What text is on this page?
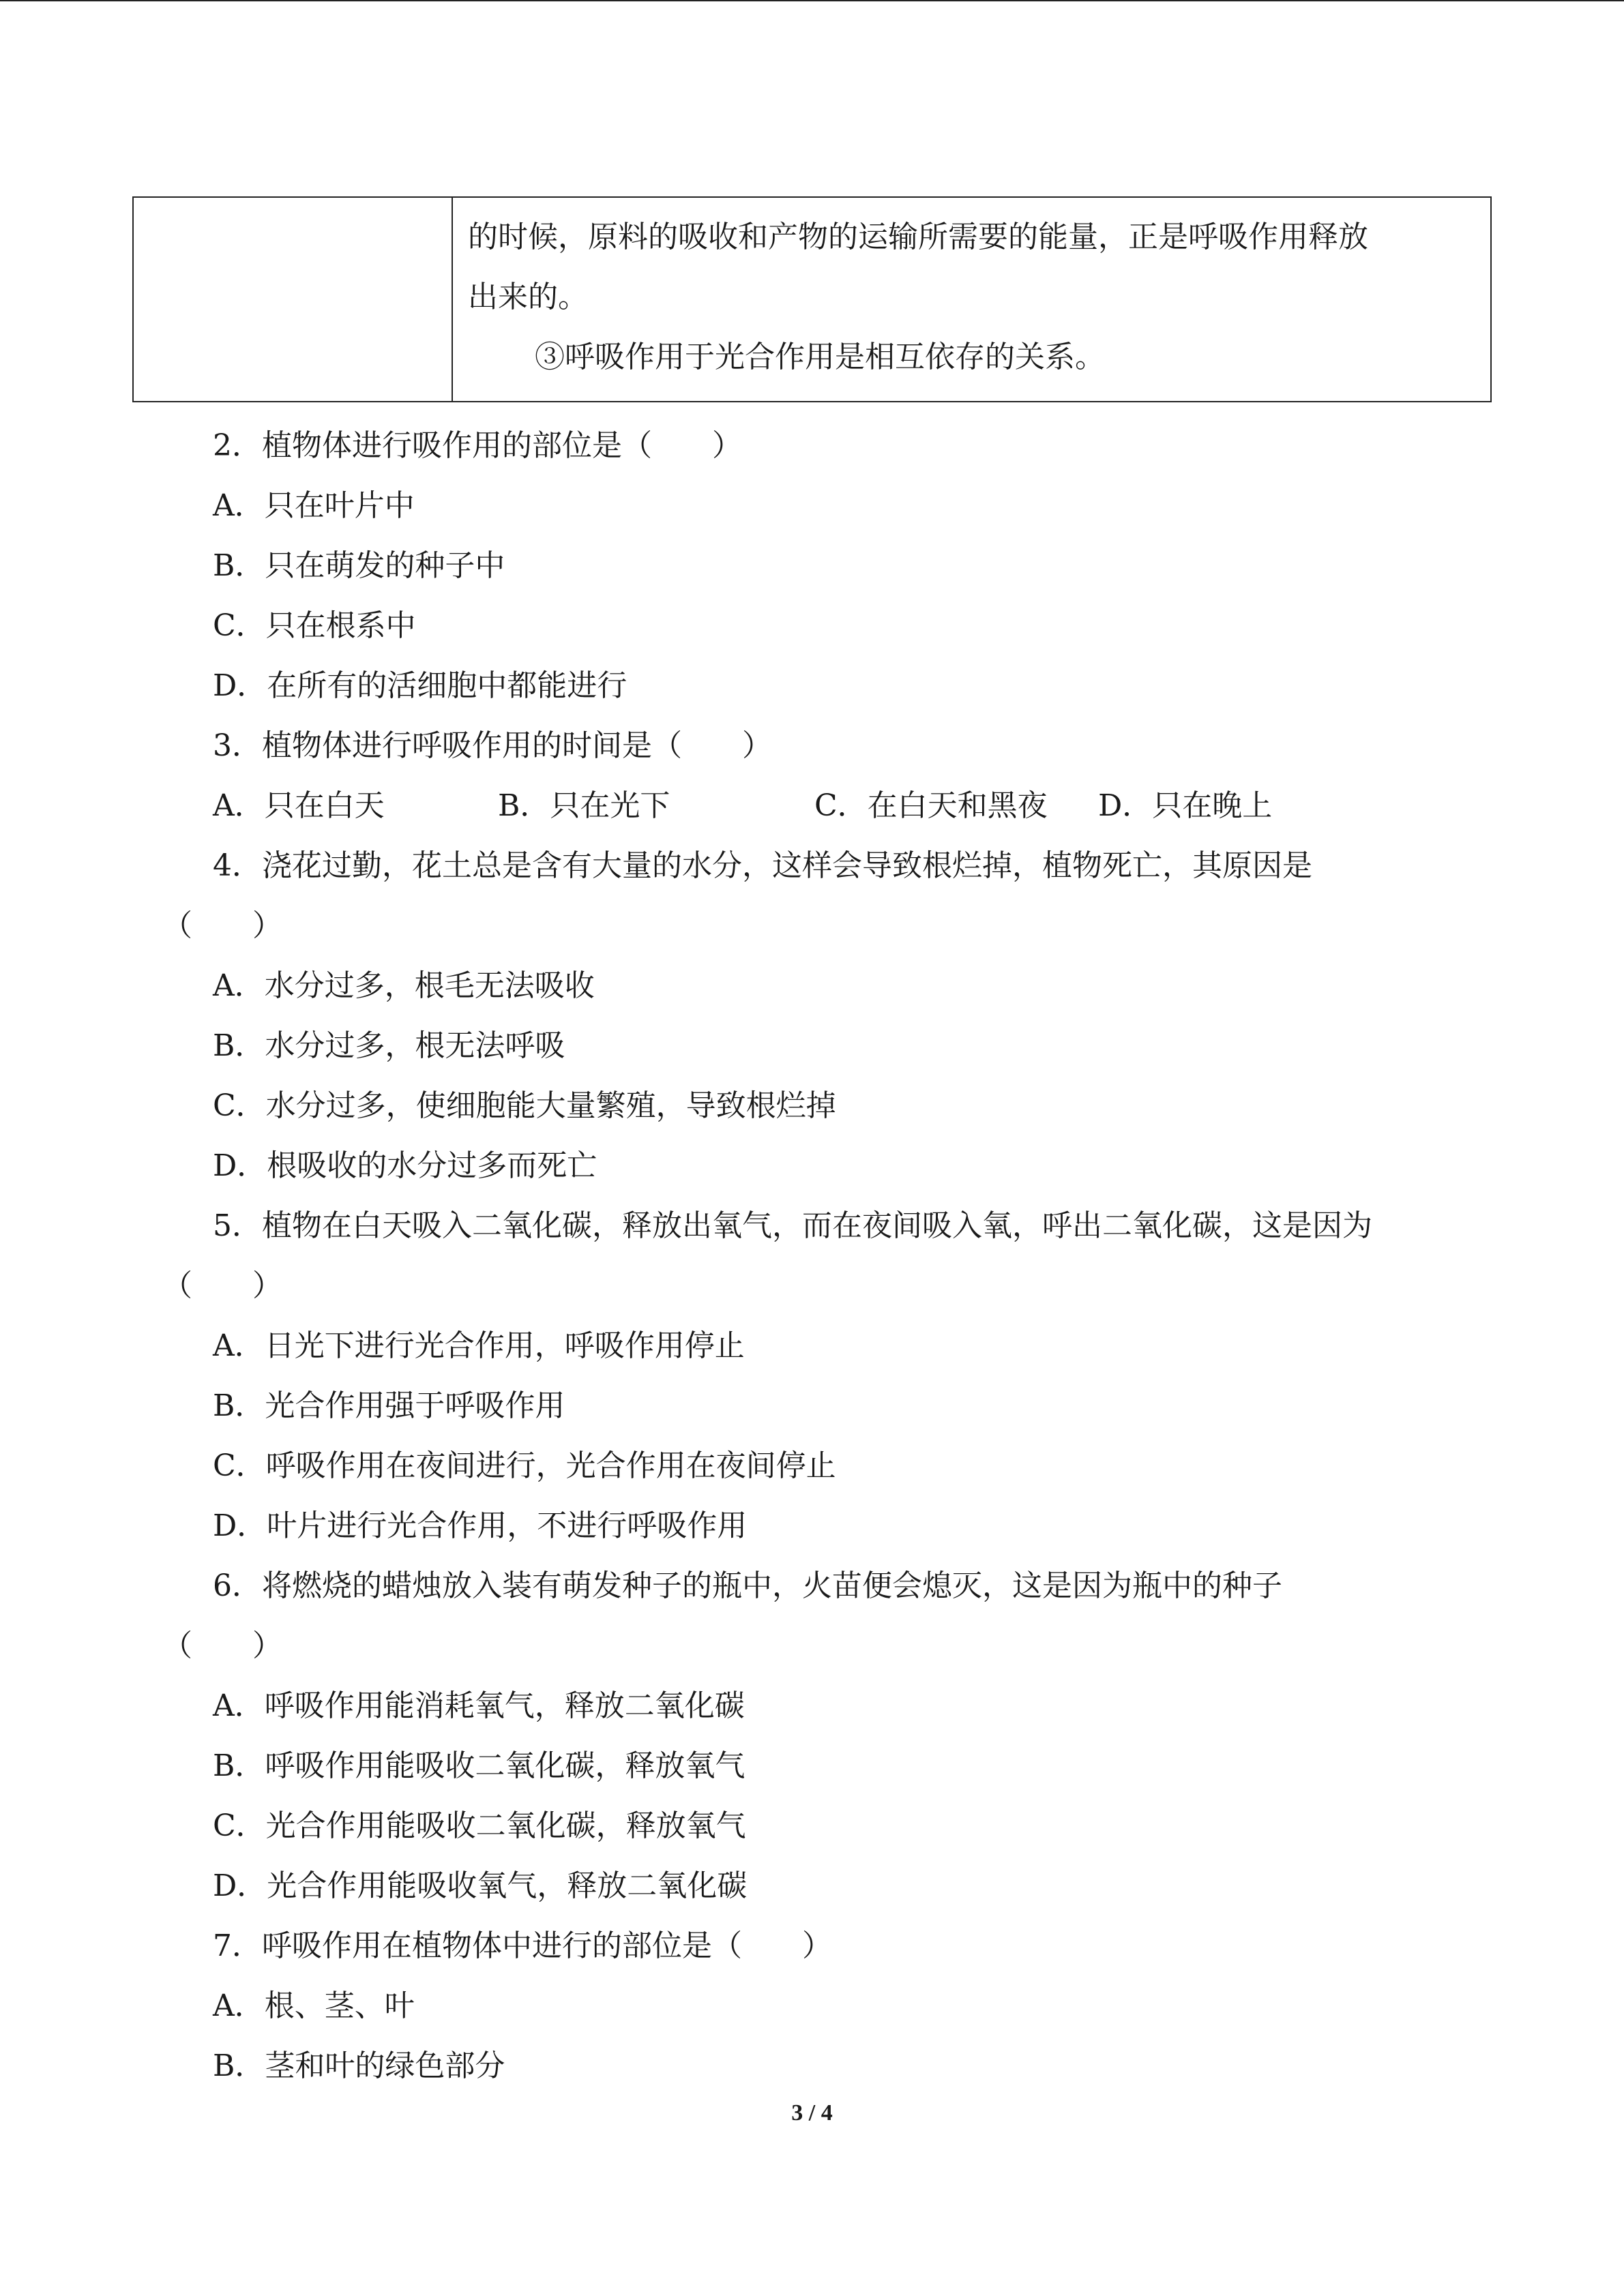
的时候，原料的吸收和产物的运输所需要的能量，正是呼吸作用释放
出来的。
③呼吸作用于光合作用是相互依存的关系。
2．植物体进行吸作用的部位是（　　）
A．只在叶片中
B．只在萌发的种子中
C．只在根系中
D．在所有的活细胞中都能进行
3．植物体进行呼吸作用的时间是（　　）
A．只在白天	B．只在光下	C．在白天和黑夜 D．只在晚上
4．浇花过勤，花土总是含有大量的水分，这样会导致根烂掉，植物死亡，其原因是
（　　）
A．水分过多，根毛无法吸收
B．水分过多，根无法呼吸
C．水分过多，使细胞能大量繁殖，导致根烂掉
D．根吸收的水分过多而死亡
5．植物在白天吸入二氧化碳，释放出氧气，而在夜间吸入氧，呼出二氧化碳，这是因为
（　　）
A．日光下进行光合作用，呼吸作用停止
B．光合作用强于呼吸作用
C．呼吸作用在夜间进行，光合作用在夜间停止
D．叶片进行光合作用，不进行呼吸作用
6．将燃烧的蜡烛放入装有萌发种子的瓶中，火苗便会熄灭，这是因为瓶中的种子
（　　）
A．呼吸作用能消耗氧气，释放二氧化碳
B．呼吸作用能吸收二氧化碳，释放氧气
C．光合作用能吸收二氧化碳，释放氧气
D．光合作用能吸收氧气，释放二氧化碳
7．呼吸作用在植物体中进行的部位是（　　）
A．根、茎、叶
B．茎和叶的绿色部分
3 / 4
